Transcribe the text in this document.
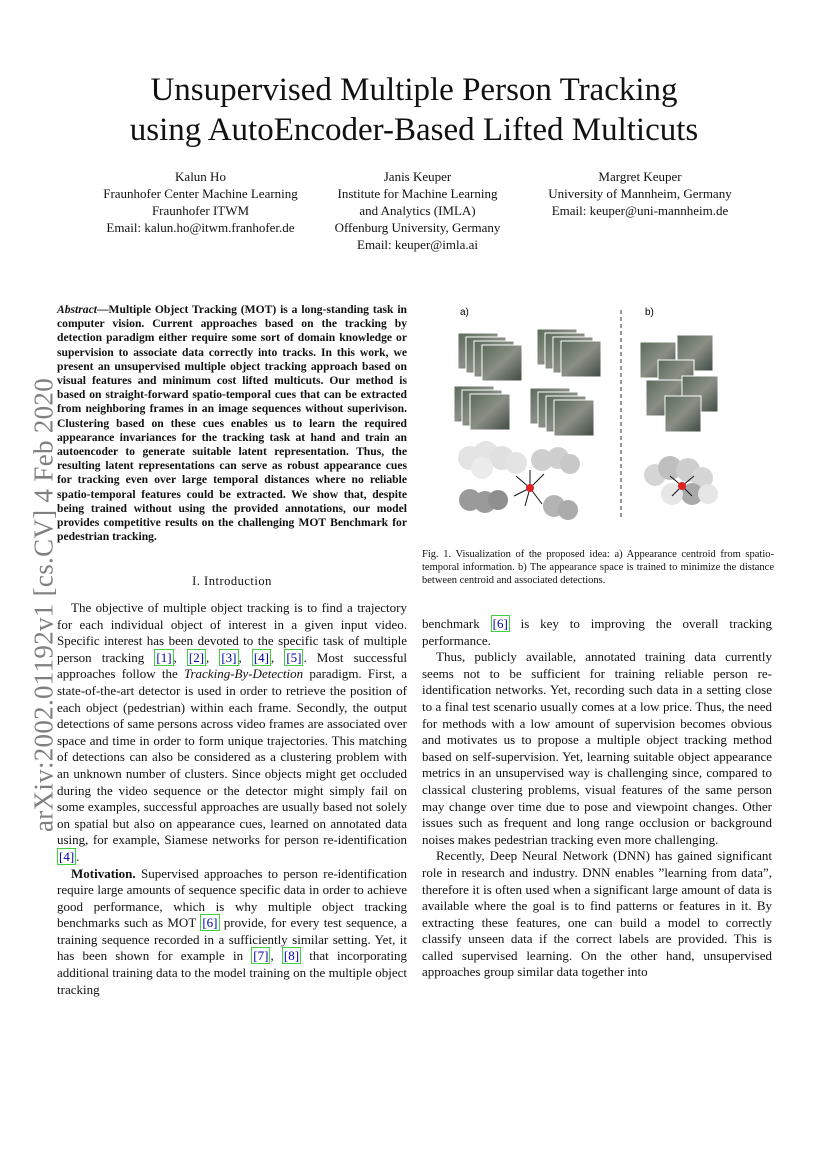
arXiv:2002.01192v1 [cs.CV] 4 Feb 2020
Unsupervised Multiple Person Tracking
using AutoEncoder-Based Lifted Multicuts
Kalun Ho
Fraunhofer Center Machine Learning
Fraunhofer ITWM
Email: kalun.ho@itwm.franhofer.de
Janis Keuper
Institute for Machine Learning
and Analytics (IMLA)
Offenburg University, Germany
Email: keuper@imla.ai
Margret Keuper
University of Mannheim, Germany
Email: keuper@uni-mannheim.de
Abstract—Multiple Object Tracking (MOT) is a long-standing task in computer vision. Current approaches based on the tracking by detection paradigm either require some sort of domain knowledge or supervision to associate data correctly into tracks. In this work, we present an unsupervised multiple object tracking approach based on visual features and minimum cost lifted multicuts. Our method is based on straight-forward spatio-temporal cues that can be extracted from neighboring frames in an image sequences without superivison. Clustering based on these cues enables us to learn the required appearance invariances for the tracking task at hand and train an autoencoder to generate suitable latent representation. Thus, the resulting latent representations can serve as robust appearance cues for tracking even over large temporal distances where no reliable spatio-temporal features could be extracted. We show that, despite being trained without using the provided annotations, our model provides competitive results on the challenging MOT Benchmark for pedestrian tracking.
I. Introduction

The objective of multiple object tracking is to find a trajectory for each individual object of interest in a given input video. Specific interest has been devoted to the specific task of multiple person tracking [1] , [2] , [3] , [4] , [5] . Most successful approaches follow the Tracking-By-Detection paradigm. First, a state-of-the-art detector is used in order to retrieve the position of each object (pedestrian) within each frame. Secondly, the output detections of same persons across video frames are associated over space and time in order to form unique trajectories. This matching of detections can also be considered as a clustering problem with an unknown number of clusters. Since objects might get occluded during the video sequence or the detector might simply fail on some examples, successful approaches are usually based not solely on spatial but also on appearance cues, learned on annotated data using, for example, Siamese networks for person re-identification [4] .

Motivation. Supervised approaches to person re-identification require large amounts of sequence specific data in order to achieve good performance, which is why multiple object tracking benchmarks such as MOT [6] provide, for every test sequence, a training sequence recorded in a sufficiently similar setting. Yet, it has been shown for example in [7] , [8] that incorporating additional training data to the model training on the multiple object tracking

a)	b)
Fig. 1. Visualization of the proposed idea: a) Appearance centroid from spatio-temporal information. b) The appearance space is trained to minimize the distance between centroid and associated detections.

benchmark [6] is key to improving the overall tracking performance.

Thus, publicly available, annotated training data currently seems not to be sufficient for training reliable person re-identification networks. Yet, recording such data in a setting close to a final test scenario usually comes at a low price. Thus, the need for methods with a low amount of supervision becomes obvious and motivates us to propose a multiple object tracking method based on self-supervision. Yet, learning suitable object appearance metrics in an unsupervised way is challenging since, compared to classical clustering problems, visual features of the same person may change over time due to pose and viewpoint changes. Other issues such as frequent and long range occlusion or background noises makes pedestrian tracking even more challenging.

Recently, Deep Neural Network (DNN) has gained significant role in research and industry. DNN enables ”learning from data”, therefore it is often used when a significant large amount of data is available where the goal is to find patterns or features in it. By extracting these features, one can build a model to correctly classify unseen data if the correct labels are provided. This is called supervised learning. On the other hand, unsupervised approaches group similar data together into
